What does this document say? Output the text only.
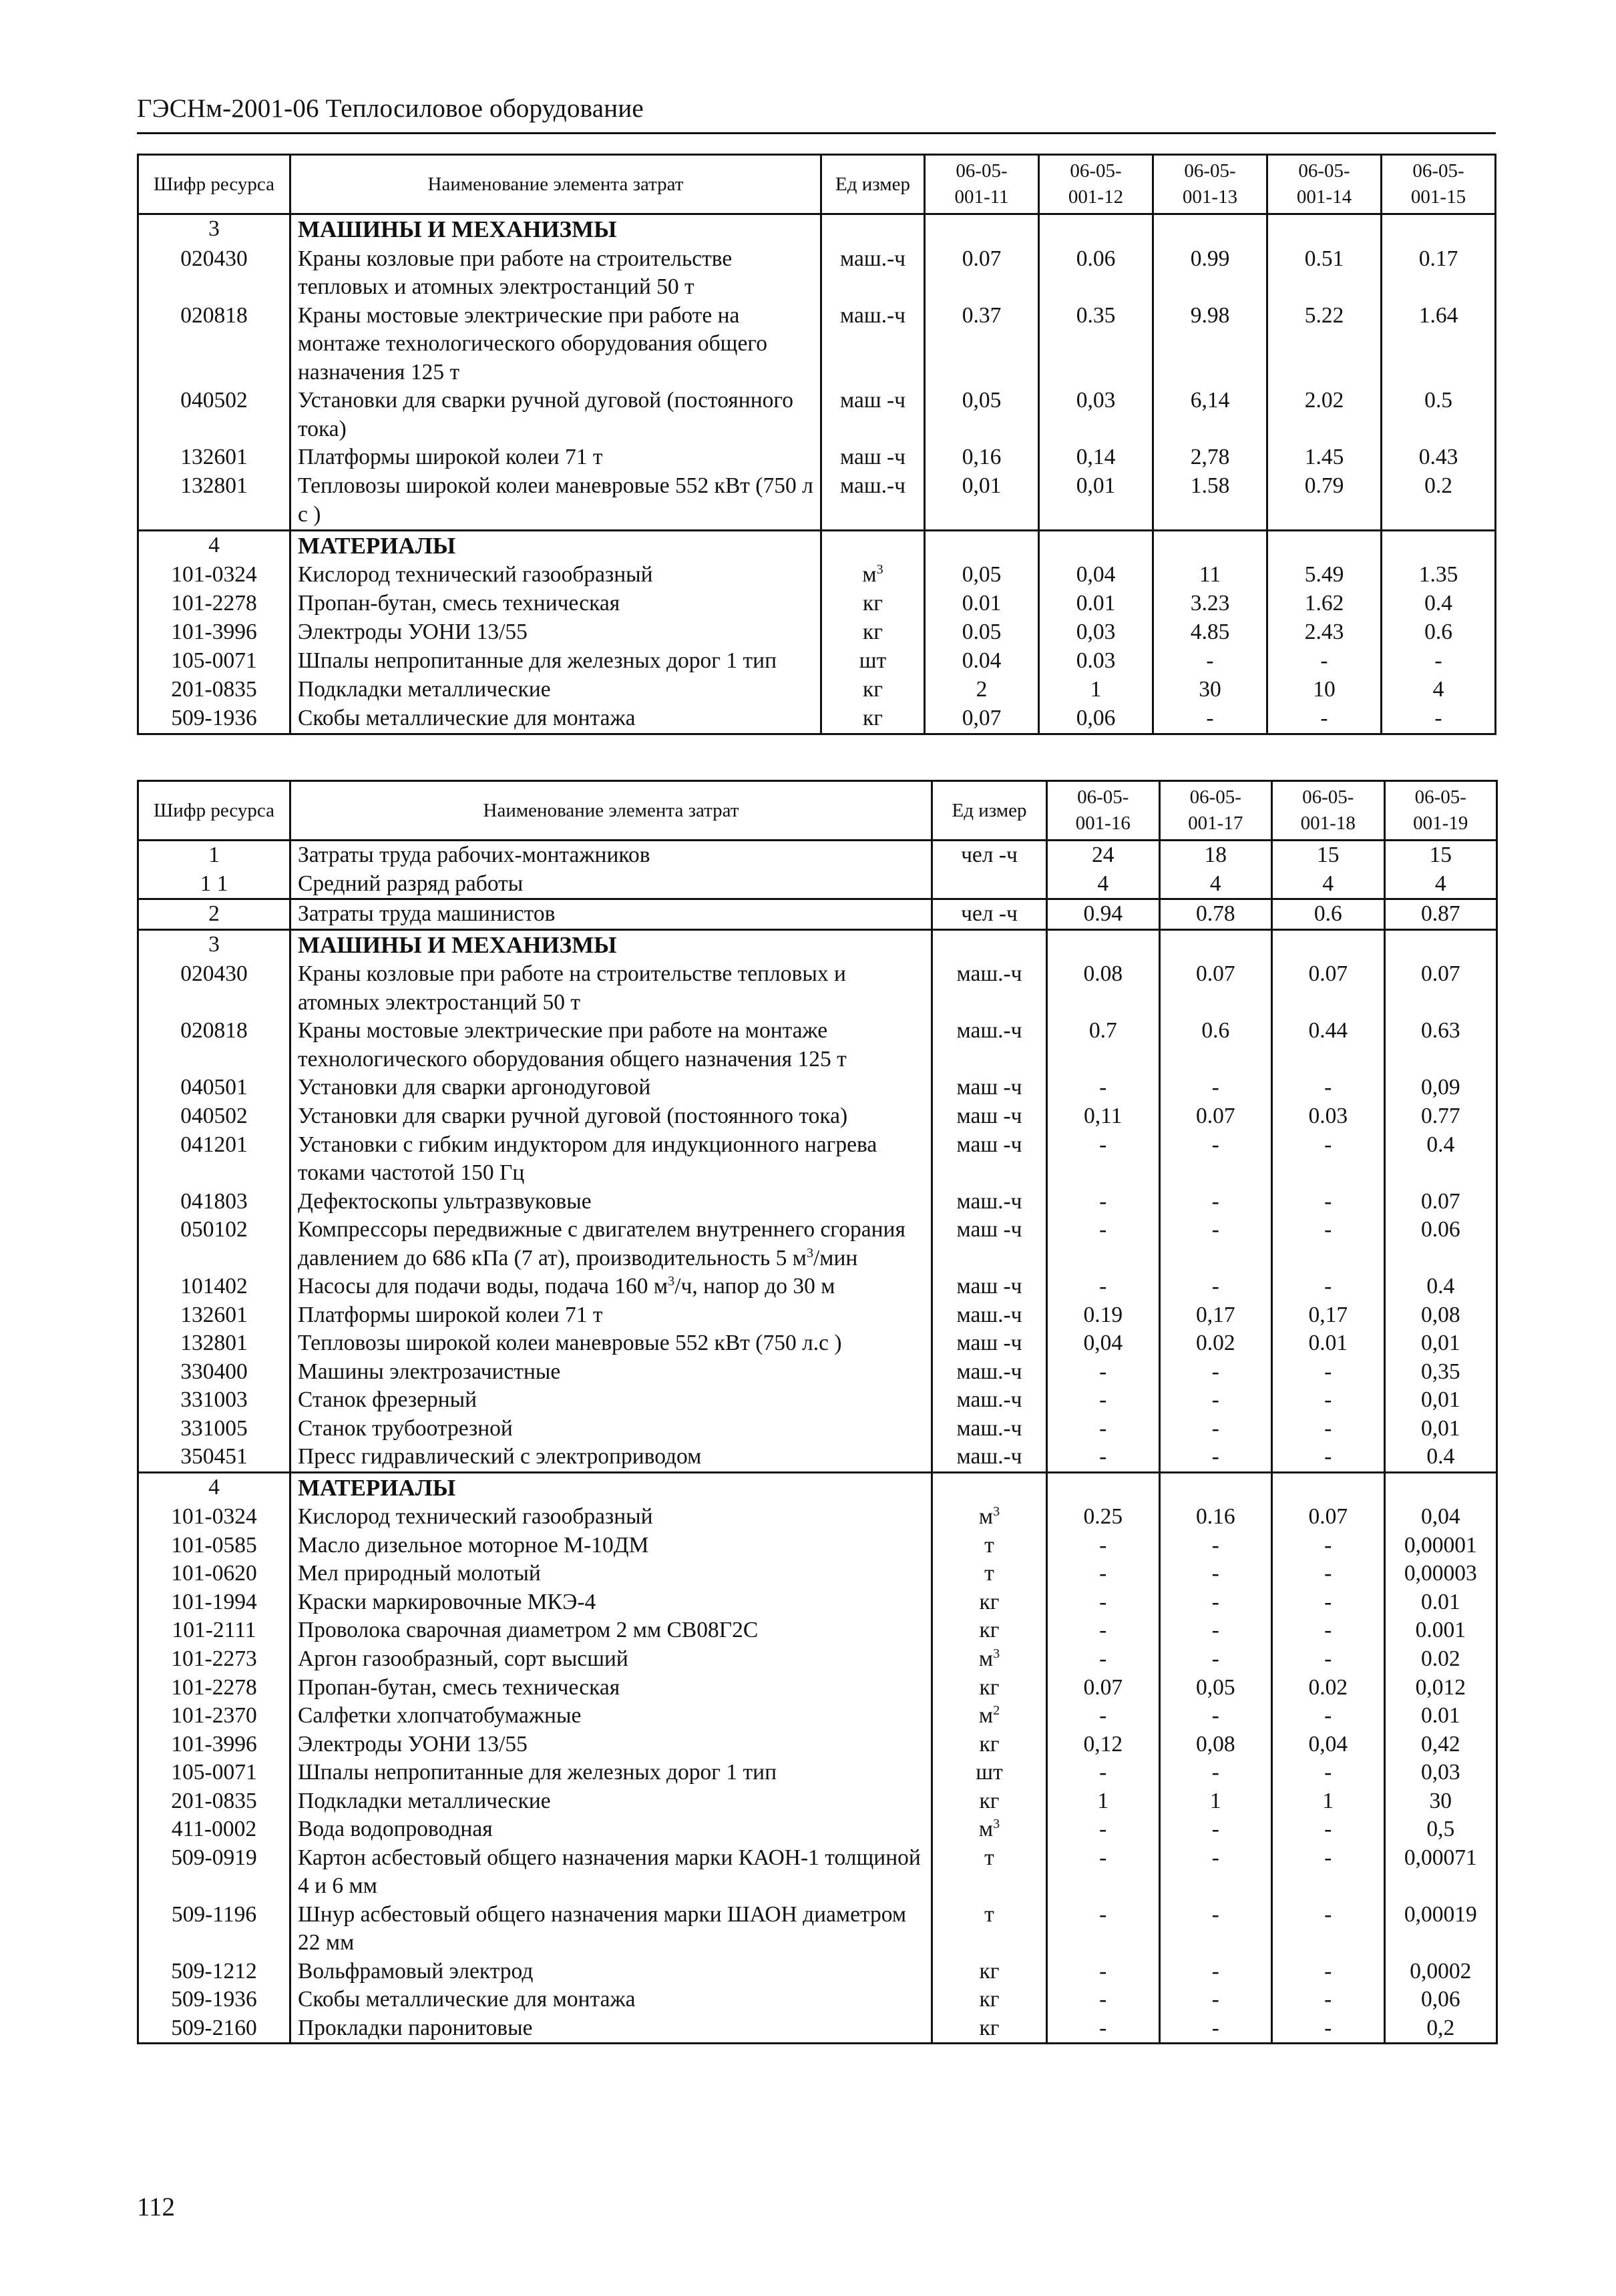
ГЭСНм-2001-06 Теплосиловое оборудование
Шифр ресурса	Наименование элемента затрат	Ед измер	06-05-
001-11	06-05-
001-12	06-05-
001-13	06-05-
001-14	06-05-
001-15
3	МАШИНЫ И МЕХАНИЗМЫ						
020430	Краны козловые при работе на строительстве тепловых и атомных электростанций 50 т	маш.-ч	0.07	0.06	0.99	0.51	0.17
020818	Краны мостовые электрические при работе на монтаже технологического оборудования общего назначения 125 т	маш.-ч	0.37	0.35	9.98	5.22	1.64
040502	Установки для сварки ручной дуговой (постоянного тока)	маш -ч	0,05	0,03	6,14	2.02	0.5
132601	Платформы широкой колеи 71 т	маш -ч	0,16	0,14	2,78	1.45	0.43
132801	Тепловозы широкой колеи маневровые 552 кВт (750 л с )	маш.-ч	0,01	0,01	1.58	0.79	0.2
4	МАТЕРИАЛЫ						
101-0324	Кислород технический газообразный	$м^3$	0,05	0,04	11	5.49	1.35
101-2278	Пропан-бутан, смесь техническая	кг	0.01	0.01	3.23	1.62	0.4
101-3996	Электроды УОНИ 13/55	кг	0.05	0,03	4.85	2.43	0.6
105-0071	Шпалы непропитанные для железных дорог 1 тип	шт	0.04	0.03	-	-	-
201-0835	Подкладки металлические	кг	2	1	30	10	4
509-1936	Скобы металлические для монтажа	кг	0,07	0,06	-	-	-
Шифр ресурса	Наименование элемента затрат	Ед измер	06-05-
001-16	06-05-
001-17	06-05-
001-18	06-05-
001-19
1	Затраты труда рабочих-монтажников	чел -ч	24	18	15	15
1 1	Средний разряд работы		4	4	4	4
2	Затраты труда машинистов	чел -ч	0.94	0.78	0.6	0.87
3	МАШИНЫ И МЕХАНИЗМЫ					
020430	Краны козловые при работе на строительстве тепловых и атомных электростанций 50 т	маш.-ч	0.08	0.07	0.07	0.07
020818	Краны мостовые электрические при работе на монтаже технологического оборудования общего назначения 125 т	маш.-ч	0.7	0.6	0.44	0.63
040501	Установки для сварки аргонодуговой	маш -ч	-	-	-	0,09
040502	Установки для сварки ручной дуговой (постоянного тока)	маш -ч	0,11	0.07	0.03	0.77
041201	Установки с гибким индуктором для индукционного нагрева токами частотой 150 Гц	маш -ч	-	-	-	0.4
041803	Дефектоскопы ультразвуковые	маш.-ч	-	-	-	0.07
050102	Компрессоры передвижные с двигателем внутреннего сгорания давлением до 686 кПа (7 ат), производительность 5 $м^3$/мин	маш -ч	-	-	-	0.06
101402	Насосы для подачи воды, подача 160 $м^3/ч$, напор до 30 м	маш -ч	-	-	-	0.4
132601	Платформы широкой колеи 71 т	маш.-ч	0.19	0,17	0,17	0,08
132801	Тепловозы широкой колеи маневровые 552 кВт (750 л.с )	маш -ч	0,04	0.02	0.01	0,01
330400	Машины электрозачистные	маш.-ч	-	-	-	0,35
331003	Станок фрезерный	маш.-ч	-	-	-	0,01
331005	Станок трубоотрезной	маш.-ч	-	-	-	0,01
350451	Пресс гидравлический с электроприводом	маш.-ч	-	-	-	0.4
4	МАТЕРИАЛЫ					
101-0324	Кислород технический газообразный	$м^3$	0.25	0.16	0.07	0,04
101-0585	Масло дизельное моторное М-10ДМ	т	-	-	-	0,00001
101-0620	Мел природный молотый	т	-	-	-	0,00003
101-1994	Краски маркировочные МКЭ-4	кг	-	-	-	0.01
101-2111	Проволока сварочная диаметром 2 мм СВ08Г2С	кг	-	-	-	0.001
101-2273	Аргон газообразный, сорт высший	$м^3$	-	-	-	0.02
101-2278	Пропан-бутан, смесь техническая	кг	0.07	0,05	0.02	0,012
101-2370	Салфетки хлопчатобумажные	$м^2$	-	-	-	0.01
101-3996	Электроды УОНИ 13/55	кг	0,12	0,08	0,04	0,42
105-0071	Шпалы непропитанные для железных дорог 1 тип	шт	-	-	-	0,03
201-0835	Подкладки металлические	кг	1	1	1	30
411-0002	Вода водопроводная	$м^3$	-	-	-	0,5
509-0919	Картон асбестовый общего назначения марки КАОН-1 толщиной 4 и 6 мм	т	-	-	-	0,00071
509-1196	Шнур асбестовый общего назначения марки ШАОН диаметром 22 мм	т	-	-	-	0,00019
509-1212	Вольфрамовый электрод	кг	-	-	-	0,0002
509-1936	Скобы металлические для монтажа	кг	-	-	-	0,06
509-2160	Прокладки паронитовые	кг	-	-	-	0,2
112
